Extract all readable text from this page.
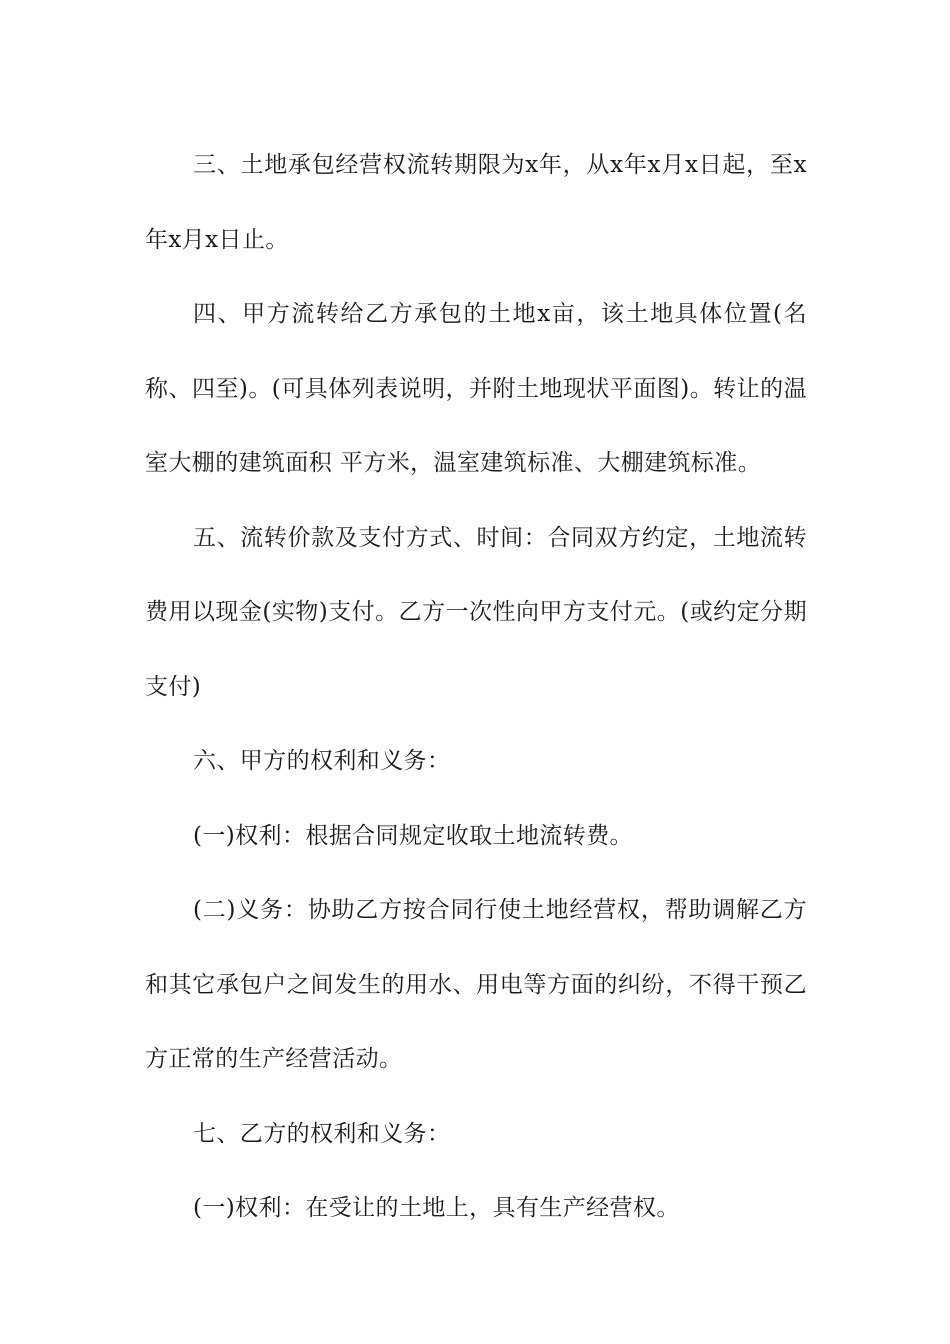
三、土地承包经营权流转期限为x年，从x年x月x日起，至x年x月x日止。

四、甲方流转给乙方承包的土地x亩，该土地具体位置(名称、四至)。(可具体列表说明，并附土地现状平面图)。转让的温室大棚的建筑面积 平方米，温室建筑标准、大棚建筑标准。

五、流转价款及支付方式、时间：合同双方约定，土地流转费用以现金(实物)支付。乙方一次性向甲方支付元。(或约定分期支付)

六、甲方的权利和义务：

(一)权利：根据合同规定收取土地流转费。

(二)义务：协助乙方按合同行使土地经营权，帮助调解乙方和其它承包户之间发生的用水、用电等方面的纠纷，不得干预乙方正常的生产经营活动。

七、乙方的权利和义务：

(一)权利：在受让的土地上，具有生产经营权。
